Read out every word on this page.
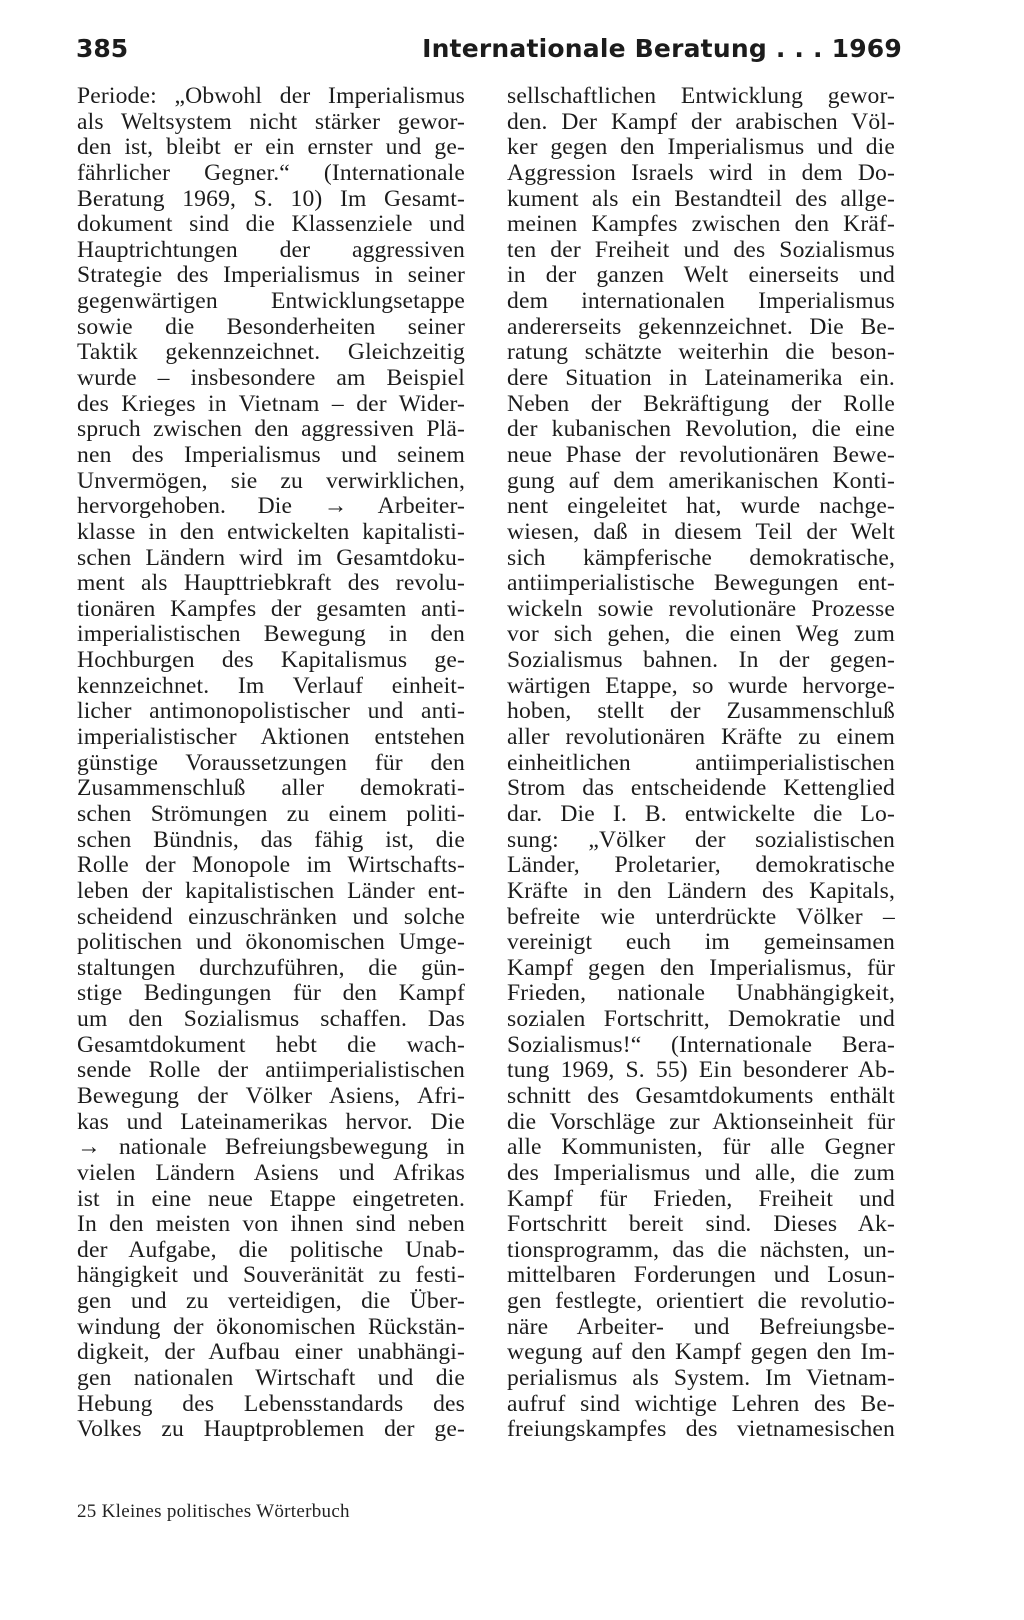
385	Internationale Beratung . . . 1969
Periode: „Obwohl der Imperialismus
als Weltsystem nicht stärker gewor-
den ist, bleibt er ein ernster und ge-
fährlicher Gegner.“ (Internationale
Beratung 1969, S. 10) Im Gesamt-
dokument sind die Klassenziele und
Hauptrichtungen der aggressiven
Strategie des Imperialismus in seiner
gegenwärtigen Entwicklungsetappe
sowie die Besonderheiten seiner
Taktik gekennzeichnet. Gleichzeitig
wurde – insbesondere am Beispiel
des Krieges in Vietnam – der Wider-
spruch zwischen den aggressiven Plä-
nen des Imperialismus und seinem
Unvermögen, sie zu verwirklichen,
hervorgehoben. Die → Arbeiter-
klasse in den entwickelten kapitalisti-
schen Ländern wird im Gesamtdoku-
ment als Haupttriebkraft des revolu-
tionären Kampfes der gesamten anti-
imperialistischen Bewegung in den
Hochburgen des Kapitalismus ge-
kennzeichnet. Im Verlauf einheit-
licher antimonopolistischer und anti-
imperialistischer Aktionen entstehen
günstige Voraussetzungen für den
Zusammenschluß aller demokrati-
schen Strömungen zu einem politi-
schen Bündnis, das fähig ist, die
Rolle der Monopole im Wirtschafts-
leben der kapitalistischen Länder ent-
scheidend einzuschränken und solche
politischen und ökonomischen Umge-
staltungen durchzuführen, die gün-
stige Bedingungen für den Kampf
um den Sozialismus schaffen. Das
Gesamtdokument hebt die wach-
sende Rolle der antiimperialistischen
Bewegung der Völker Asiens, Afri-
kas und Lateinamerikas hervor. Die
→ nationale Befreiungsbewegung in
vielen Ländern Asiens und Afrikas
ist in eine neue Etappe eingetreten.
In den meisten von ihnen sind neben
der Aufgabe, die politische Unab-
hängigkeit und Souveränität zu festi-
gen und zu verteidigen, die Über-
windung der ökonomischen Rückstän-
digkeit, der Aufbau einer unabhängi-
gen nationalen Wirtschaft und die
Hebung des Lebensstandards des
Volkes zu Hauptproblemen der ge-
sellschaftlichen Entwicklung gewor-
den. Der Kampf der arabischen Völ-
ker gegen den Imperialismus und die
Aggression Israels wird in dem Do-
kument als ein Bestandteil des allge-
meinen Kampfes zwischen den Kräf-
ten der Freiheit und des Sozialismus
in der ganzen Welt einerseits und
dem internationalen Imperialismus
andererseits gekennzeichnet. Die Be-
ratung schätzte weiterhin die beson-
dere Situation in Lateinamerika ein.
Neben der Bekräftigung der Rolle
der kubanischen Revolution, die eine
neue Phase der revolutionären Bewe-
gung auf dem amerikanischen Konti-
nent eingeleitet hat, wurde nachge-
wiesen, daß in diesem Teil der Welt
sich kämpferische demokratische,
antiimperialistische Bewegungen ent-
wickeln sowie revolutionäre Prozesse
vor sich gehen, die einen Weg zum
Sozialismus bahnen. In der gegen-
wärtigen Etappe, so wurde hervorge-
hoben, stellt der Zusammenschluß
aller revolutionären Kräfte zu einem
einheitlichen antiimperialistischen
Strom das entscheidende Kettenglied
dar. Die I. B. entwickelte die Lo-
sung: „Völker der sozialistischen
Länder, Proletarier, demokratische
Kräfte in den Ländern des Kapitals,
befreite wie unterdrückte Völker –
vereinigt euch im gemeinsamen
Kampf gegen den Imperialismus, für
Frieden, nationale Unabhängigkeit,
sozialen Fortschritt, Demokratie und
Sozialismus!“ (Internationale Bera-
tung 1969, S. 55) Ein besonderer Ab-
schnitt des Gesamtdokuments enthält
die Vorschläge zur Aktionseinheit für
alle Kommunisten, für alle Gegner
des Imperialismus und alle, die zum
Kampf für Frieden, Freiheit und
Fortschritt bereit sind. Dieses Ak-
tionsprogramm, das die nächsten, un-
mittelbaren Forderungen und Losun-
gen festlegte, orientiert die revolutio-
näre Arbeiter- und Befreiungsbe-
wegung auf den Kampf gegen den Im-
perialismus als System. Im Vietnam-
aufruf sind wichtige Lehren des Be-
freiungskampfes des vietnamesischen
25 Kleines politisches Wörterbuch
